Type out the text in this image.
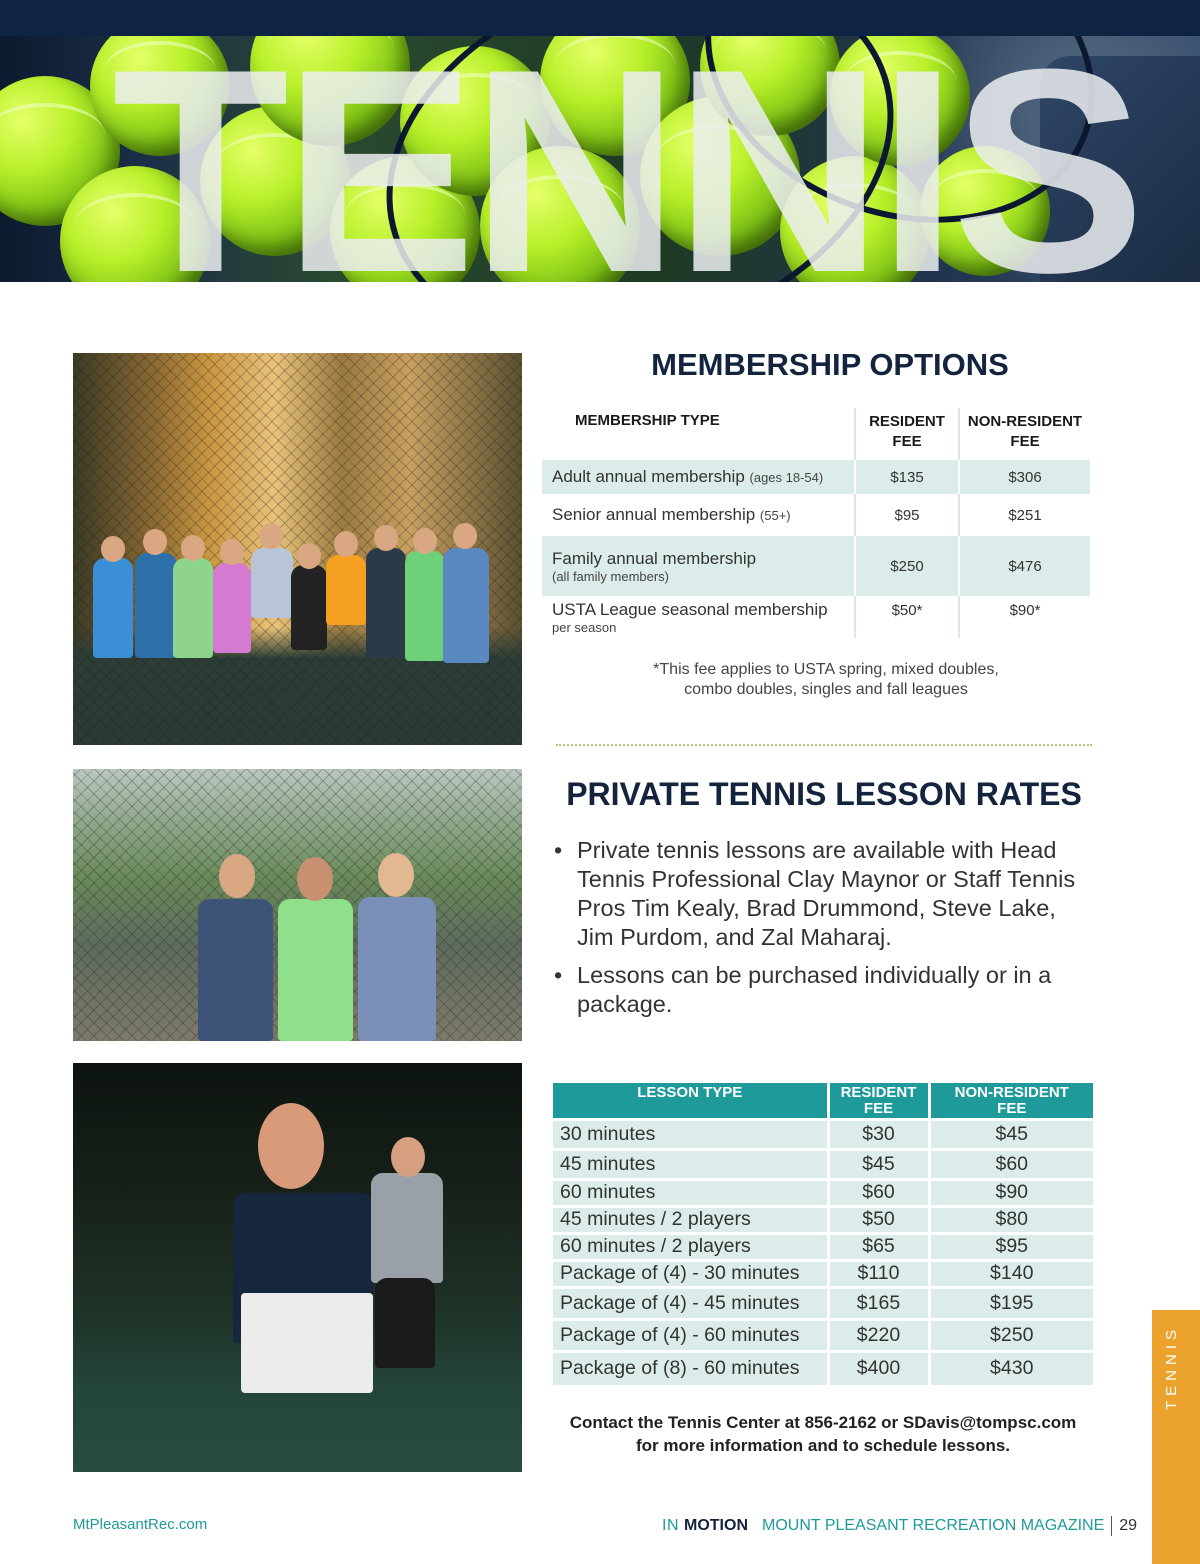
TENNIS
MEMBERSHIP OPTIONS
MEMBERSHIP TYPE	RESIDENT
FEE
NON-RESIDENT
FEE
Adult annual membership (ages 18-54)	$135	$306
Senior annual membership (55+)	$95	$251
Family annual membership
(all family members)
$250	$476
USTA League seasonal membership
per season
$50*	$90*
*This fee applies to USTA spring, mixed doubles,
combo doubles, singles and fall leagues
PRIVATE TENNIS LESSON RATES
• Private tennis lessons are available with Head Tennis Professional Clay Maynor or Staff Tennis Pros Tim Kealy, Brad Drummond, Steve Lake, Jim Purdom, and Zal Maharaj.

• Lessons can be purchased individually or in a package.

LESSON TYPE	RESIDENT
FEE	NON-RESIDENT
FEE
30 minutes	$30	$45
45 minutes	$45	$60
60 minutes	$60	$90
45 minutes / 2 players	$50	$80
60 minutes / 2 players	$65	$95
Package of (4) - 30 minutes	$110	$140
Package of (4) - 45 minutes	$165	$195
Package of (4) - 60 minutes	$220	$250
Package of (8) - 60 minutes	$400	$430
Contact the Tennis Center at 856-2162 or SDavis@tompsc.com
for more information and to schedule lessons.
TENNIS
MtPleasantRec.com	IN MOTION MOUNT PLEASANT RECREATION MAGAZINE 29
